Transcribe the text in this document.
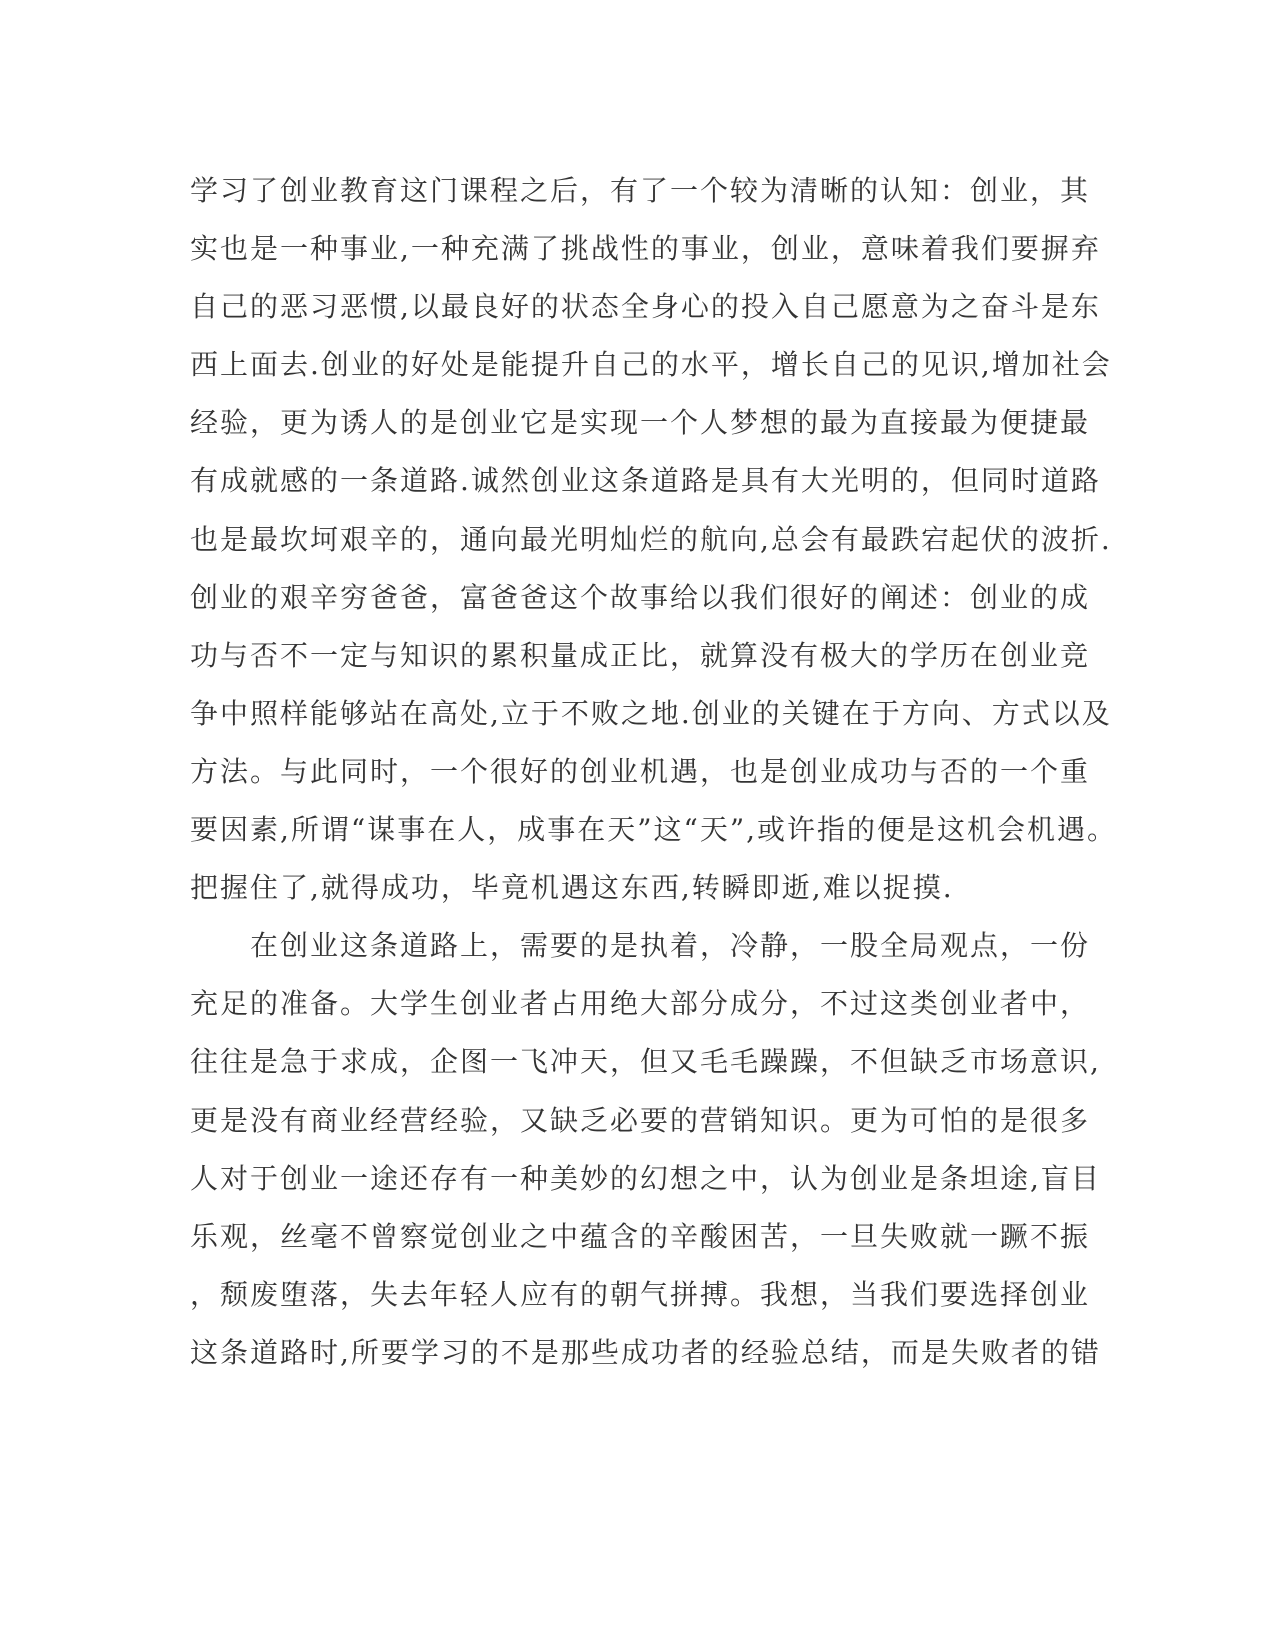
学习了创业教育这门课程之后，有了一个较为清晰的认知：创业，其
实也是一种事业,一种充满了挑战性的事业，创业，意味着我们要摒弃
自己的恶习恶惯,以最良好的状态全身心的投入自己愿意为之奋斗是东
西上面去.创业的好处是能提升自己的水平，增长自己的见识,增加社会
经验，更为诱人的是创业它是实现一个人梦想的最为直接最为便捷最
有成就感的一条道路.诚然创业这条道路是具有大光明的，但同时道路
也是最坎坷艰辛的，通向最光明灿烂的航向,总会有最跌宕起伏的波折.
创业的艰辛穷爸爸，富爸爸这个故事给以我们很好的阐述：创业的成
功与否不一定与知识的累积量成正比，就算没有极大的学历在创业竞
争中照样能够站在高处,立于不败之地.创业的关键在于方向、方式以及
方法。与此同时，一个很好的创业机遇，也是创业成功与否的一个重
要因素,所谓“谋事在人，成事在天”这“天”,或许指的便是这机会机遇。
把握住了,就得成功，毕竟机遇这东西,转瞬即逝,难以捉摸.
　　在创业这条道路上，需要的是执着，冷静，一股全局观点，一份
充足的准备。大学生创业者占用绝大部分成分，不过这类创业者中，
往往是急于求成，企图一飞冲天，但又毛毛躁躁，不但缺乏市场意识,
更是没有商业经营经验，又缺乏必要的营销知识。更为可怕的是很多
人对于创业一途还存有一种美妙的幻想之中，认为创业是条坦途,盲目
乐观，丝毫不曾察觉创业之中蕴含的辛酸困苦，一旦失败就一蹶不振
，颓废堕落，失去年轻人应有的朝气拼搏。我想，当我们要选择创业
这条道路时,所要学习的不是那些成功者的经验总结，而是失败者的错
